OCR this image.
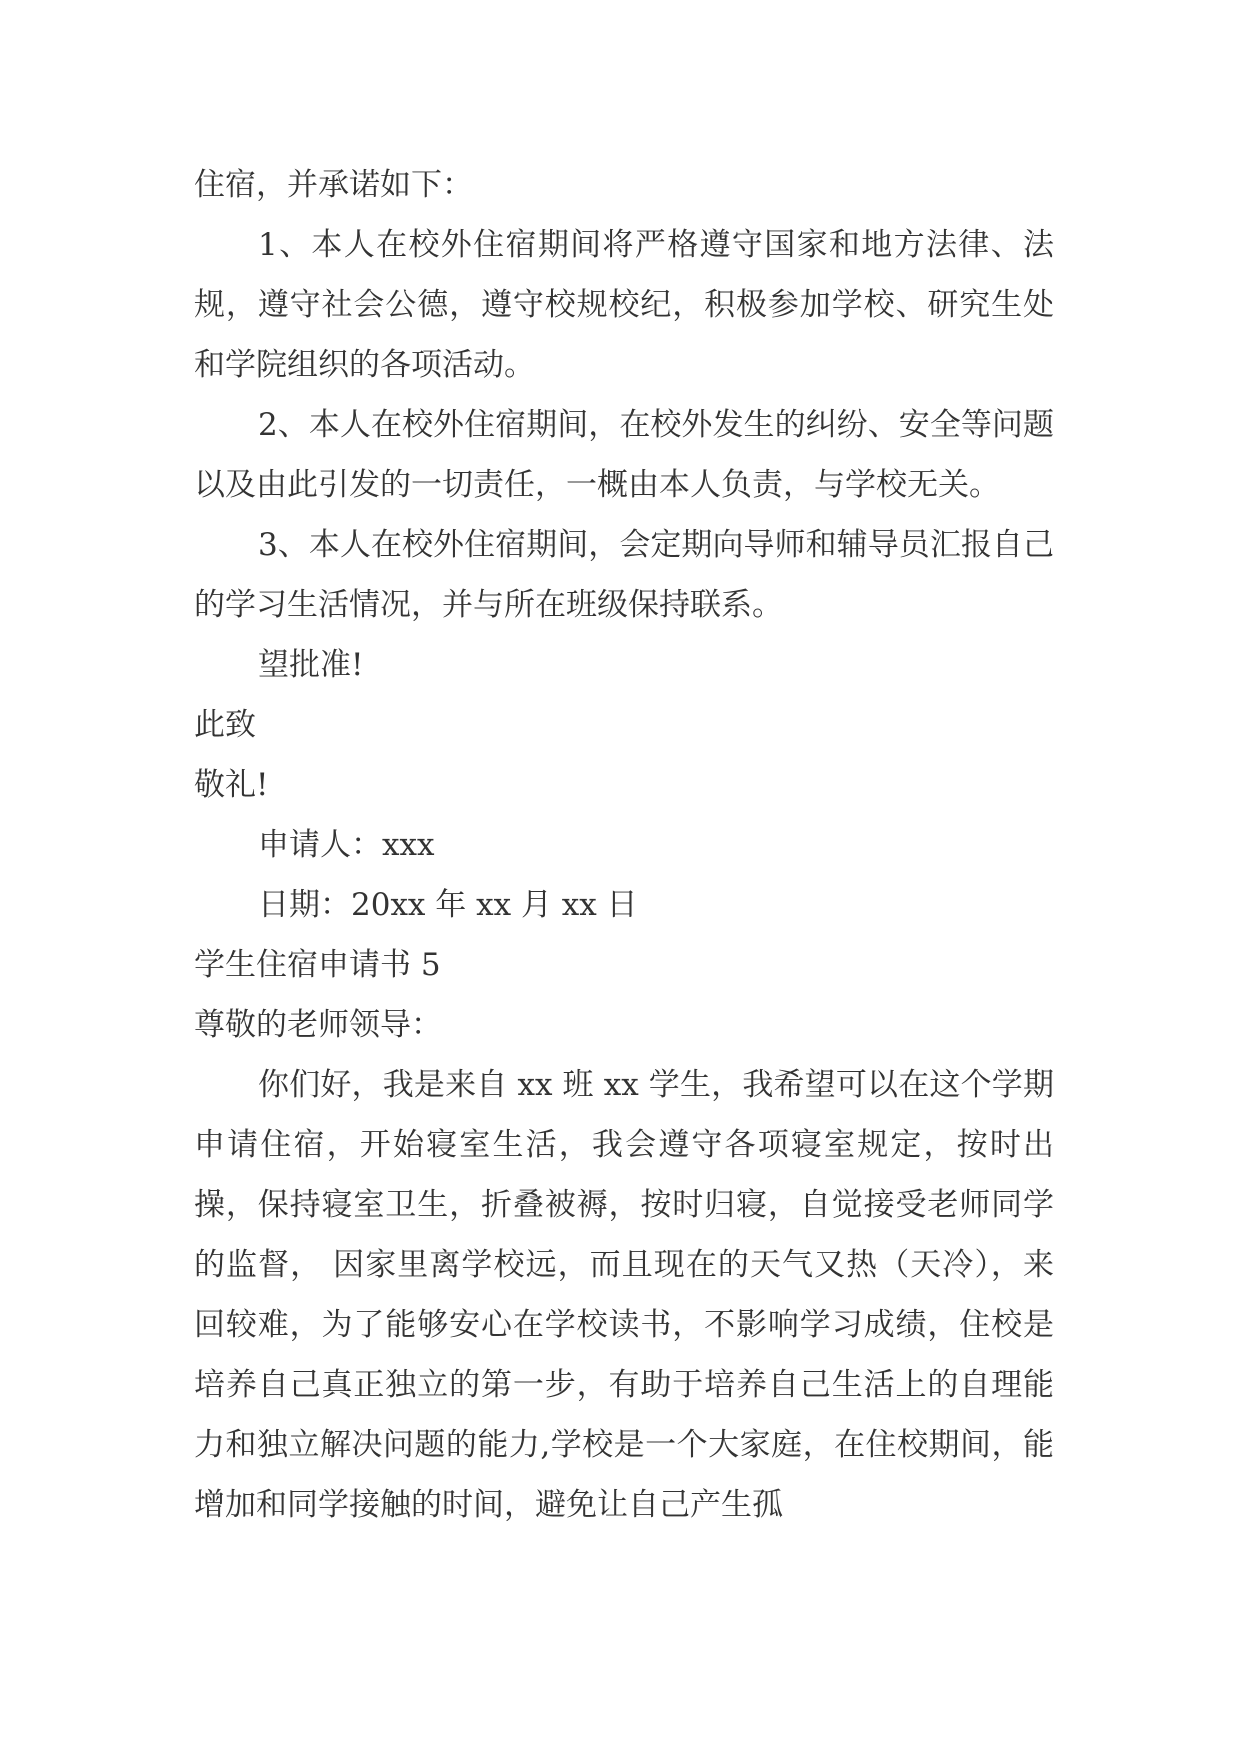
住宿，并承诺如下：

1、本人在校外住宿期间将严格遵守国家和地方法律、法规，遵守社会公德，遵守校规校纪，积极参加学校、研究生处和学院组织的各项活动。

2、本人在校外住宿期间，在校外发生的纠纷、安全等问题以及由此引发的一切责任，一概由本人负责，与学校无关。

3、本人在校外住宿期间，会定期向导师和辅导员汇报自己的学习生活情况，并与所在班级保持联系。

望批准!

此致

敬礼!

申请人：xxx

日期：20xx 年 xx 月 xx 日

学生住宿申请书 5

尊敬的老师领导：

你们好，我是来自 xx 班 xx 学生，我希望可以在这个学期申请住宿，开始寝室生活，我会遵守各项寝室规定，按时出操，保持寝室卫生，折叠被褥，按时归寝，自觉接受老师同学的监督， 因家里离学校远，而且现在的天气又热（天冷），来回较难，为了能够安心在学校读书，不影响学习成绩，住校是培养自己真正独立的第一步，有助于培养自己生活上的自理能力和独立解决问题的能力,学校是一个大家庭，在住校期间，能增加和同学接触的时间，避免让自己产生孤
